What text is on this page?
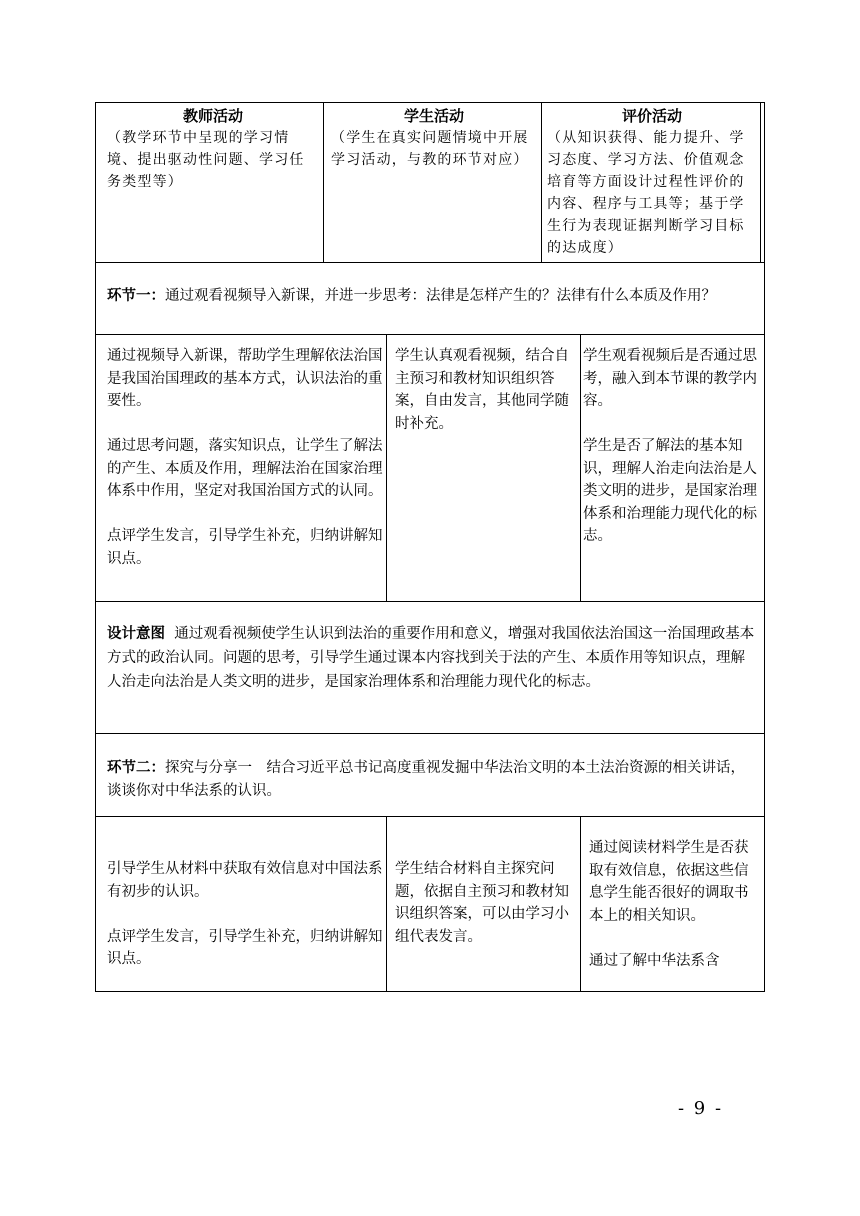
教师活动
（教学环节中呈现的学习情境、提出驱动性问题、学习任务类型等）
学生活动
（学生在真实问题情境中开展学习活动，与教的环节对应）
评价活动
（从知识获得、能力提升、学习态度、学习方法、价值观念培育等方面设计过程性评价的内容、程序与工具等；基于学生行为表现证据判断学习目标的达成度）
环节一：通过观看视频导入新课，并进一步思考：法律是怎样产生的？法律有什么本质及作用？

通过视频导入新课，帮助学生理解依法治国是我国治国理政的基本方式，认识法治的重要性。

通过思考问题，落实知识点，让学生了解法的产生、本质及作用，理解法治在国家治理体系中作用，坚定对我国治国方式的认同。

点评学生发言，引导学生补充，归纳讲解知识点。

学生认真观看视频，结合自主预习和教材知识组织答案，自由发言，其他同学随时补充。

学生观看视频后是否通过思考，融入到本节课的教学内容。

学生是否了解法的基本知识，理解人治走向法治是人类文明的进步，是国家治理体系和治理能力现代化的标志。

设计意图 通过观看视频使学生认识到法治的重要作用和意义，增强对我国依法治国这一治国理政基本方式的政治认同。问题的思考，引导学生通过课本内容找到关于法的产生、本质作用等知识点，理解人治走向法治是人类文明的进步，是国家治理体系和治理能力现代化的标志。
环节二：探究与分享一　结合习近平总书记高度重视发掘中华法治文明的本土法治资源的相关讲话，谈谈你对中华法系的认识。

引导学生从材料中获取有效信息对中国法系有初步的认识。

点评学生发言，引导学生补充，归纳讲解知识点。

学生结合材料自主探究问题，依据自主预习和教材知识组织答案，可以由学习小组代表发言。

通过阅读材料学生是否获取有效信息，依据这些信息学生能否很好的调取书本上的相关知识。

通过了解中华法系含

- 9 -
